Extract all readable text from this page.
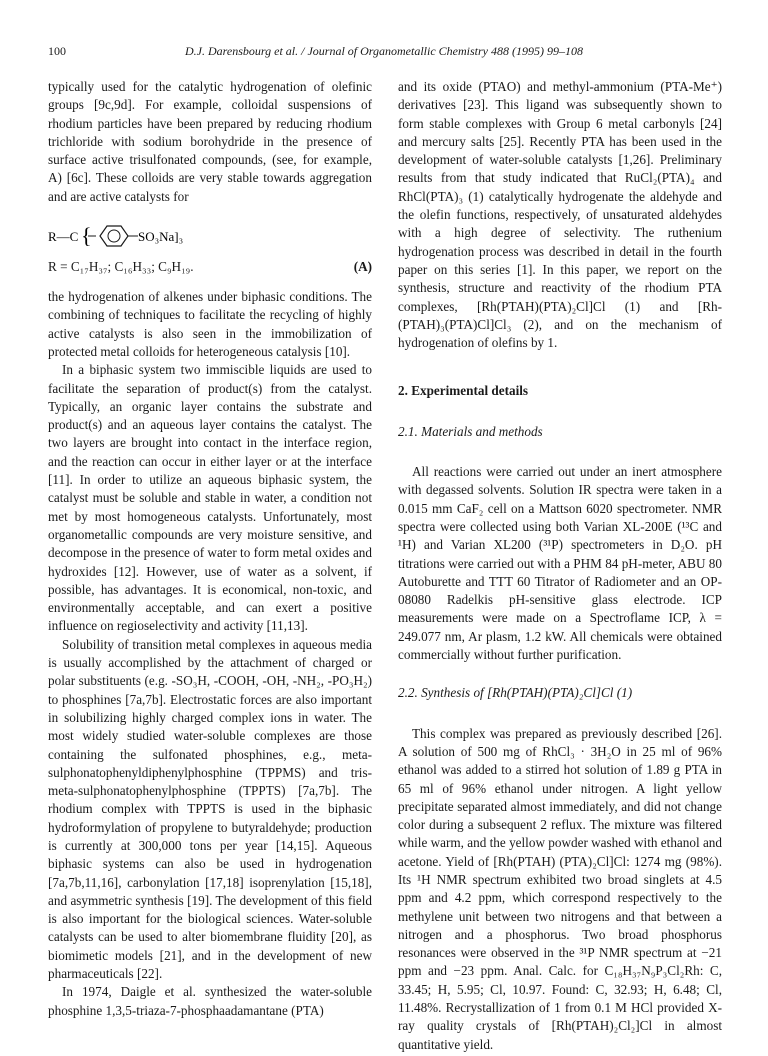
100	D.J. Darensbourg et al. / Journal of Organometallic Chemistry 488 (1995) 99–108

typically used for the catalytic hydrogenation of olefinic groups [9c,9d]. For example, colloidal suspensions of rhodium particles have been prepared by reducing rhodium trichloride with sodium borohydride in the presence of surface active trisulfonated compounds, (see, for example, A) [6c]. These colloids are very stable towards aggregation and are active catalysts for

R—C {	SO₃Na]₃
R = C₁₇H₃₇; C₁₆H₃₃; C₉H₁₉.	(A)

the hydrogenation of alkenes under biphasic conditions. The combining of techniques to facilitate the recycling of highly active catalysts is also seen in the immobilization of protected metal colloids for heterogeneous catalysis [10].

In a biphasic system two immiscible liquids are used to facilitate the separation of product(s) from the catalyst. Typically, an organic layer contains the substrate and product(s) and an aqueous layer contains the catalyst. The two layers are brought into contact in the interface region, and the reaction can occur in either layer or at the interface [11]. In order to utilize an aqueous biphasic system, the catalyst must be soluble and stable in water, a condition not met by most homogeneous catalysts. Unfortunately, most organometallic compounds are very moisture sensitive, and decompose in the presence of water to form metal oxides and hydroxides [12]. However, use of water as a solvent, if possible, has advantages. It is economical, non-toxic, and environmentally acceptable, and can exert a positive influence on regioselectivity and activity [11,13].

Solubility of transition metal complexes in aqueous media is usually accomplished by the attachment of charged or polar substituents (e.g. -SO₃H, -COOH, -OH, -NH₂, -PO₃H₂) to phosphines [7a,7b]. Electrostatic forces are also important in solubilizing highly charged complex ions in water. The most widely studied water-soluble complexes are those containing the sulfonated phosphines, e.g., meta-sulphonatophenyldiphenylphosphine (TPPMS) and tris-meta-sulphonatophenylphosphine (TPPTS) [7a,7b]. The rhodium complex with TPPTS is used in the biphasic hydroformylation of propylene to butyraldehyde; production is currently at 300,000 tons per year [14,15]. Aqueous biphasic systems can also be used in hydrogenation [7a,7b,11,16], carbonylation [17,18] isoprenylation [15,18], and asymmetric synthesis [19]. The development of this field is also important for the biological sciences. Water-soluble catalysts can be used to alter biomembrane fluidity [20], as biomimetic models [21], and in the development of new pharmaceuticals [22].

In 1974, Daigle et al. synthesized the water-soluble phosphine 1,3,5-triaza-7-phosphaadamantane (PTA)

and its oxide (PTAO) and methyl-ammonium (PTA-Me⁺) derivatives [23]. This ligand was subsequently shown to form stable complexes with Group 6 metal carbonyls [24] and mercury salts [25]. Recently PTA has been used in the development of water-soluble catalysts [1,26]. Preliminary results from that study indicated that RuCl₂(PTA)₄ and RhCl(PTA)₃ (1) catalytically hydrogenate the aldehyde and the olefin functions, respectively, of unsaturated aldehydes with a high degree of selectivity. The ruthenium hydrogenation process was described in detail in the fourth paper on this series [1]. In this paper, we report on the synthesis, structure and reactivity of the rhodium PTA complexes, [Rh(PTAH)(PTA)₂Cl]Cl (1) and [Rh-(PTAH)₃(PTA)Cl]Cl₃ (2), and on the mechanism of hydrogenation of olefins by 1.

2. Experimental details

2.1. Materials and methods

All reactions were carried out under an inert atmosphere with degassed solvents. Solution IR spectra were taken in a 0.015 mm CaF₂ cell on a Mattson 6020 spectrometer. NMR spectra were collected using both Varian XL-200E (¹³C and ¹H) and Varian XL200 (³¹P) spectrometers in D₂O. pH titrations were carried out with a PHM 84 pH-meter, ABU 80 Autoburette and TTT 60 Titrator of Radiometer and an OP-08080 Radelkis pH-sensitive glass electrode. ICP measurements were made on a Spectroflame ICP, λ = 249.077 nm, Ar plasm, 1.2 kW. All chemicals were obtained commercially without further purification.

2.2. Synthesis of [Rh(PTAH)(PTA)₂Cl]Cl (1)

This complex was prepared as previously described [26]. A solution of 500 mg of RhCl₃ · 3H₂O in 25 ml of 96% ethanol was added to a stirred hot solution of 1.89 g PTA in 65 ml of 96% ethanol under nitrogen. A light yellow precipitate separated almost immediately, and did not change color during a subsequent 2 reflux. The mixture was filtered while warm, and the yellow powder washed with ethanol and acetone. Yield of [Rh(PTAH) (PTA)₂Cl]Cl: 1274 mg (98%). Its ¹H NMR spectrum exhibited two broad singlets at 4.5 ppm and 4.2 ppm, which correspond respectively to the methylene unit between two nitrogens and that between a nitrogen and a phosphorus. Two broad phosphorus resonances were observed in the ³¹P NMR spectrum at −21 ppm and −23 ppm. Anal. Calc. for C₁₈H₃₇N₉P₃Cl₂Rh: C, 33.45; H, 5.95; Cl, 10.97. Found: C, 32.93; H, 6.48; Cl, 11.48%. Recrystallization of 1 from 0.1 M HCl provided X-ray quality crystals of [Rh(PTAH)₂Cl₂]Cl in almost quantitative yield.
